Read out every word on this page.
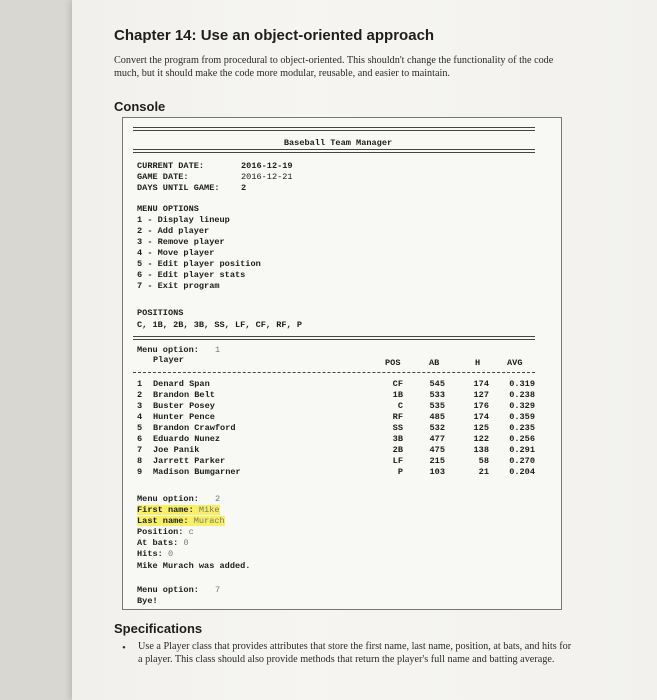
Chapter 14: Use an object-oriented approach
Convert the program from procedural to object-oriented. This shouldn't change the functionality of the code much, but it should make the code more modular, reusable, and easier to maintain.
Console
Baseball Team Manager
CURRENT DATE:	2016-12-19
GAME DATE:	2016-12-21
DAYS UNTIL GAME: 2
MENU OPTIONS
1 - Display lineup
2 - Add player
3 - Remove player
4 - Move player
5 - Edit player position
6 - Edit player stats
7 - Exit program
POSITIONS
C, 1B, 2B, 3B, SS, LF, CF, RF, P
Menu option: 1
Player	POS	AB	H	AVG
1 Denard Span	CF	545	174	0.319
2 Brandon Belt	1B	533	127	0.238
3 Buster Posey	C	535	176	0.329
4 Hunter Pence	RF	485	174	0.359
5 Brandon Crawford	SS	532	125	0.235
6 Eduardo Nunez	3B	477	122	0.256
7 Joe Panik	2B	475	138	0.291
8 Jarrett Parker	LF	215	58	0.270
9 Madison Bumgarner	P	103	21	0.204
Menu option: 2
First name: Mike
Last name: Murach
Position: c
At bats: 0
Hits: 0
Mike Murach was added.
Menu option: 7
Bye!
Specifications
• Use a Player class that provides attributes that store the first name, last name, position, at bats, and hits for a player. This class should also provide methods that return the player's full name and batting average.
